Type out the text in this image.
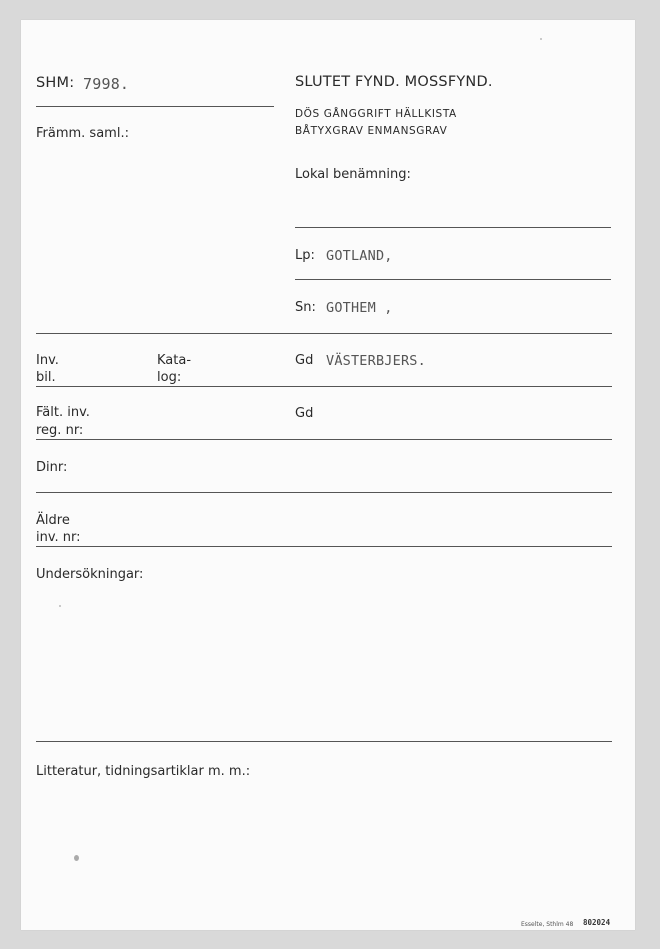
SHM: 7998.
Främm. saml.:
SLUTET FYND. MOSSFYND.
DÖS GÅNGGRIFT HÄLLKISTA
BÅTYXGRAV ENMANSGRAV
Lokal benämning:
Lp: GOTLAND,
Sn: GOTHEM ,
Inv.
bil.
Kata-
log:
Gd VÄSTERBJERS.
Fält. inv.
reg. nr:
Gd
Dinr:
Äldre
inv. nr:
Undersökningar:
Litteratur, tidningsartiklar m. m.:
Esselte, Sthlm 48 802024
